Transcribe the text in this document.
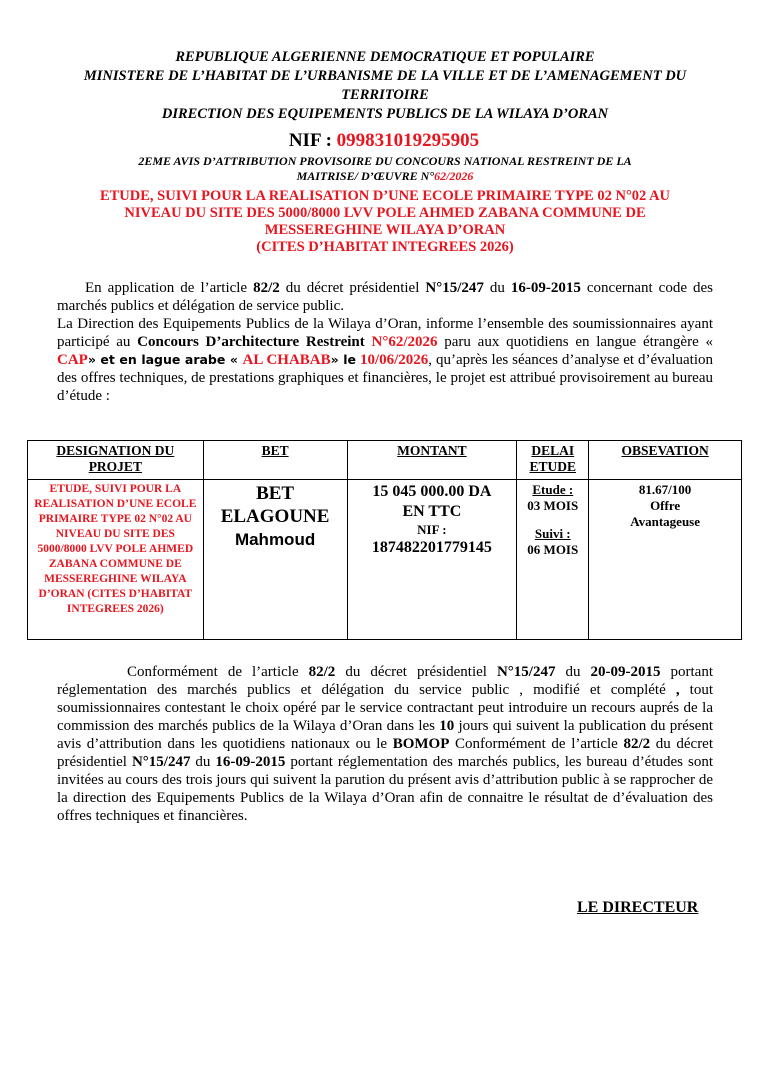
REPUBLIQUE ALGERIENNE DEMOCRATIQUE ET POPULAIRE
MINISTERE DE L’HABITAT DE L’URBANISME DE LA VILLE ET DE L’AMENAGEMENT DU
TERRITOIRE
DIRECTION DES EQUIPEMENTS PUBLICS DE LA WILAYA D’ORAN
NIF : 099831019295905
2EME AVIS D’ATTRIBUTION PROVISOIRE DU CONCOURS NATIONAL RESTREINT DE LA
MAITRISE/ D’ŒUVRE N°62/2026
ETUDE, SUIVI POUR LA REALISATION D’UNE ECOLE PRIMAIRE TYPE 02 N°02 AU
NIVEAU DU SITE DES 5000/8000 LVV POLE AHMED ZABANA COMMUNE DE
MESSEREGHINE WILAYA D’ORAN
(CITES D’HABITAT INTEGREES 2026)
En application de l’article 82/2 du décret présidentiel N°15/247 du 16-09-2015 concernant code des marchés publics et délégation de service public.
La Direction des Equipements Publics de la Wilaya d’Oran, informe l’ensemble des soumissionnaires ayant participé au Concours D’architecture Restreint N°62/2026 paru aux quotidiens en langue étrangère « CAP» et en lague arabe « AL CHABAB» le 10/06/2026, qu’après les séances d’analyse et d’évaluation des offres techniques, de prestations graphiques et financières, le projet est attribué provisoirement au bureau d’étude :
DESIGNATION DU PROJET	BET	MONTANT	DELAI ETUDE	OBSEVATION
ETUDE, SUIVI POUR LA REALISATION D’UNE ECOLE PRIMAIRE TYPE 02 N°02 AU NIVEAU DU SITE DES 5000/8000 LVV POLE AHMED ZABANA COMMUNE DE MESSEREGHINE WILAYA D’ORAN (CITES D’HABITAT INTEGREES 2026)	BET
ELAGOUNE
Mahmoud	15 045 000.00 DA
EN TTC
NIF :
187482201779145	Etude :
03 MOIS
Suivi :
06 MOIS	81.67/100
Offre
Avantageuse
Conformément de l’article 82/2 du décret présidentiel N°15/247 du 20-09-2015 portant réglementation des marchés publics et délégation du service public , modifié et complété , tout soumissionnaires contestant le choix opéré par le service contractant peut introduire un recours auprés de la commission des marchés publics de la Wilaya d’Oran dans les 10 jours qui suivent la publication du présent avis d’attribution dans les quotidiens nationaux ou le BOMOP Conformément de l’article 82/2 du décret présidentiel N°15/247 du 16-09-2015 portant réglementation des marchés publics, les bureau d’études sont invitées au cours des trois jours qui suivent la parution du présent avis d’attribution public à se rapprocher de la direction des Equipements Publics de la Wilaya d’Oran afin de connaitre le résultat de d’évaluation des offres techniques et financières.
LE DIRECTEUR
